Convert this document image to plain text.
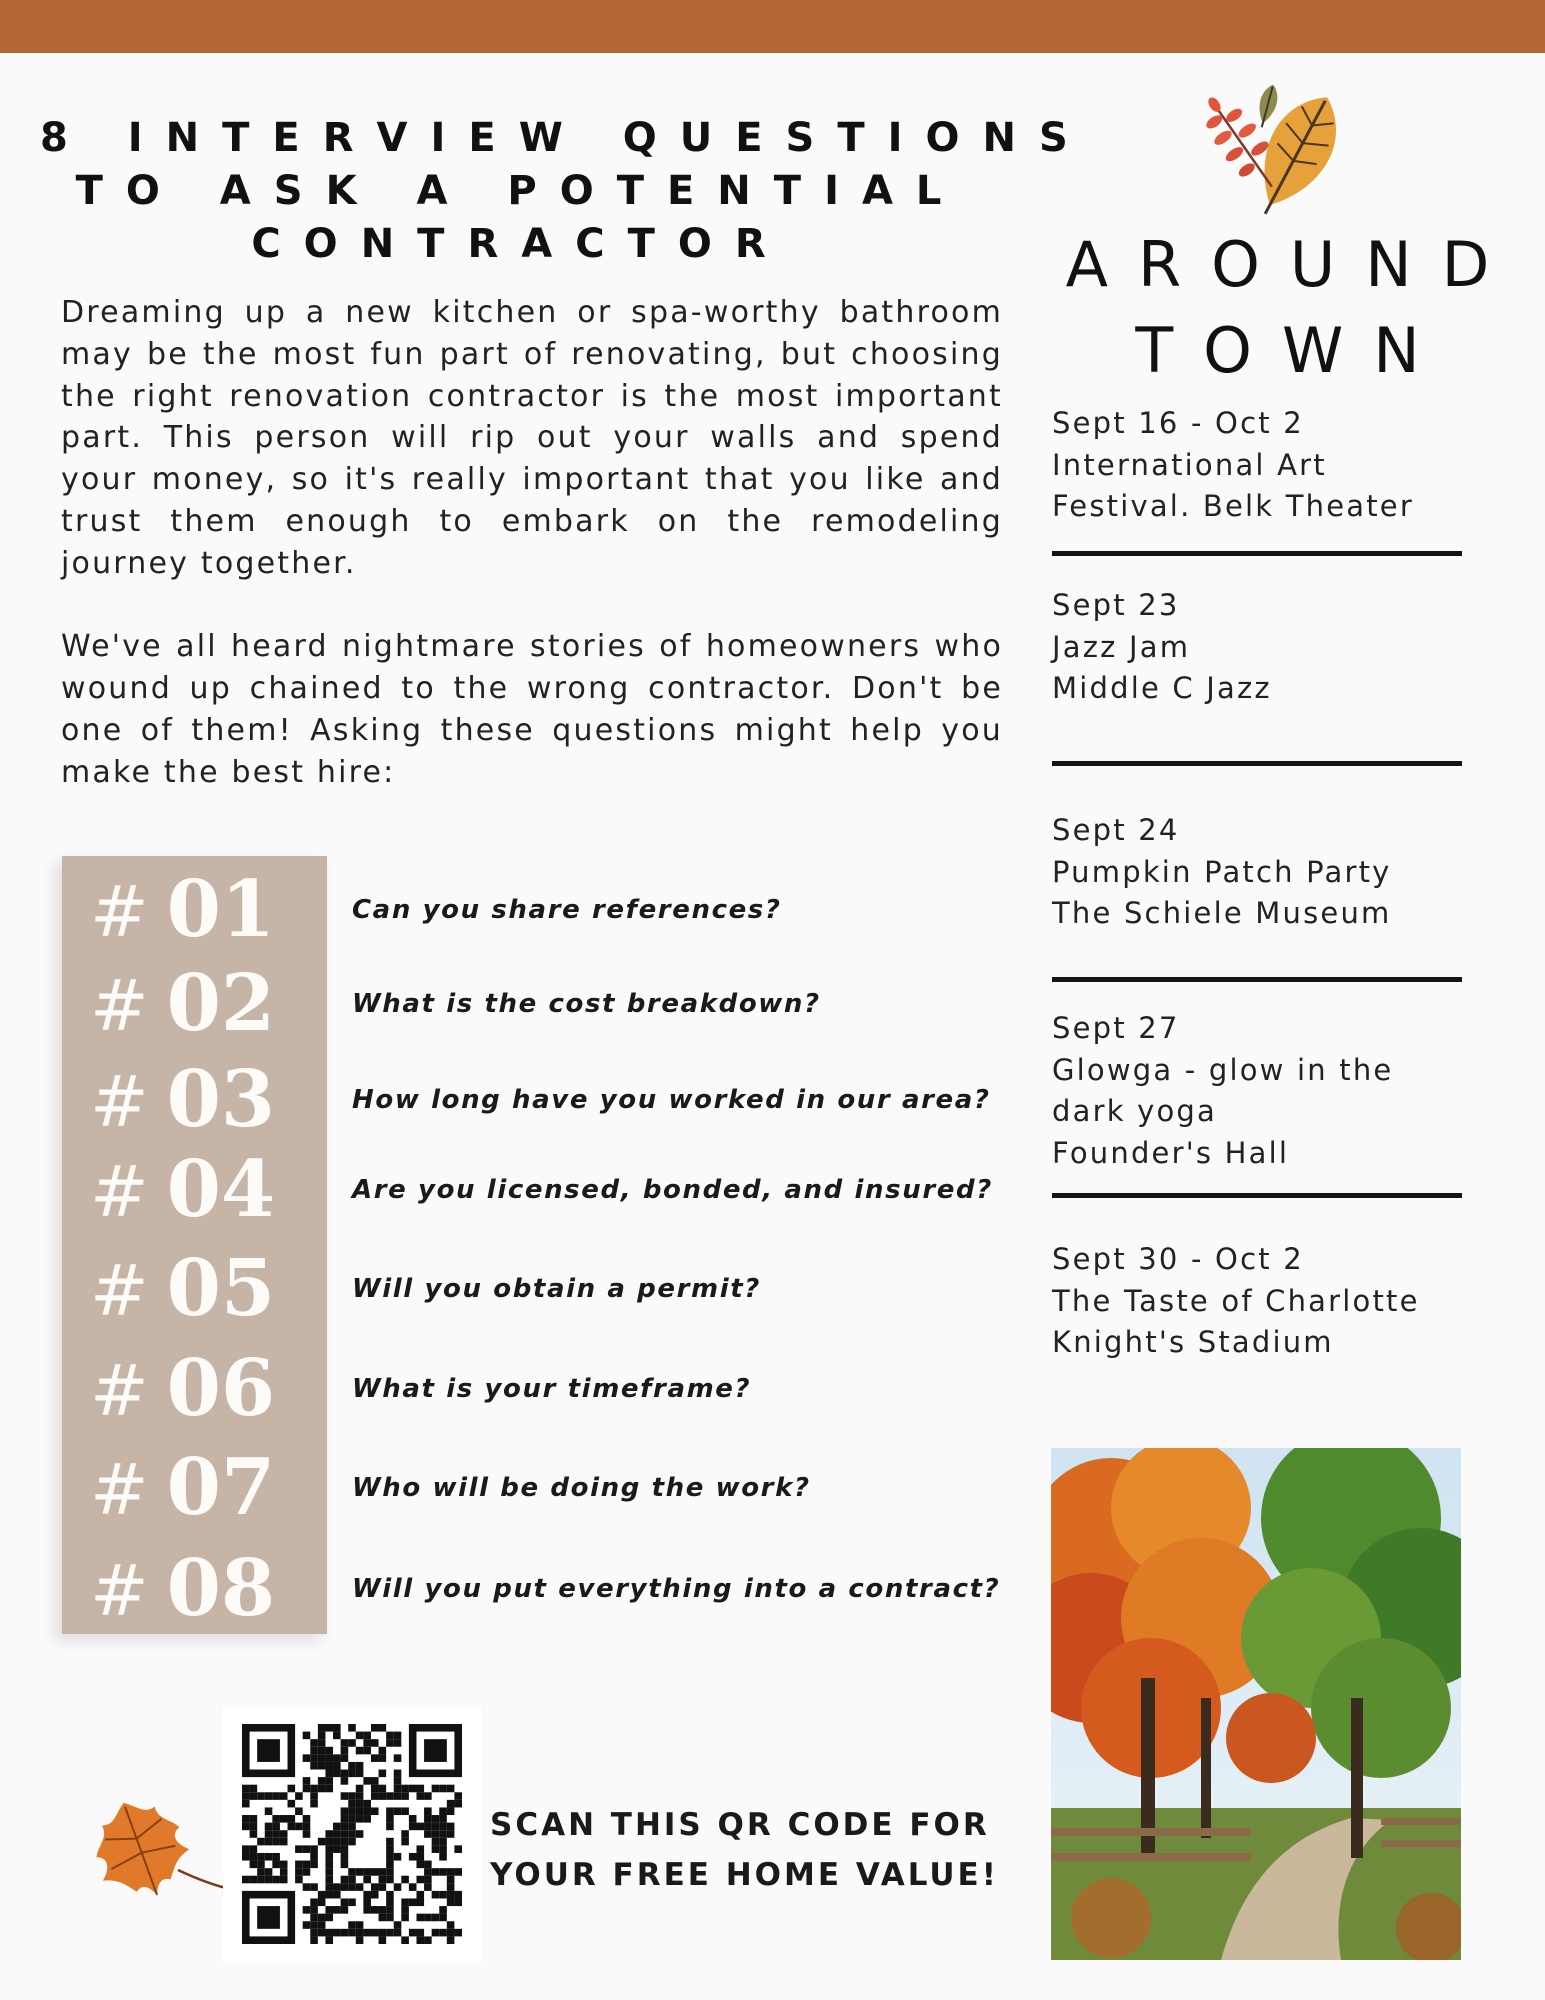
8 INTERVIEW QUESTIONS
TO ASK A POTENTIAL
CONTRACTOR

Dreaming up a new kitchen or spa-worthy bathroom may be the most fun part of renovating, but choosing the right renovation contractor is the most important part. This person will rip out your walls and spend your money, so it's really important that you like and trust them enough to embark on the remodeling journey together.

We've all heard nightmare stories of homeowners who wound up chained to the wrong contractor. Don't be one of them! Asking these questions might help you make the best hire:

# 01	Can you share references?
# 02	What is the cost breakdown?
# 03	How long have you worked in our area?
# 04	Are you licensed, bonded, and insured?
# 05	Will you obtain a permit?
# 06	What is your timeframe?
# 07	Who will be doing the work?
# 08	Will you put everything into a contract?
AROUND
TOWN
Sept 16 - Oct 2
International Art
Festival. Belk Theater
Sept 23
Jazz Jam
Middle C Jazz
Sept 24
Pumpkin Patch Party
The Schiele Museum
Sept 27
Glowga - glow in the
dark yoga
Founder's Hall
Sept 30 - Oct 2
The Taste of Charlotte
Knight's Stadium
SCAN THIS QR CODE FOR
YOUR FREE HOME VALUE!
